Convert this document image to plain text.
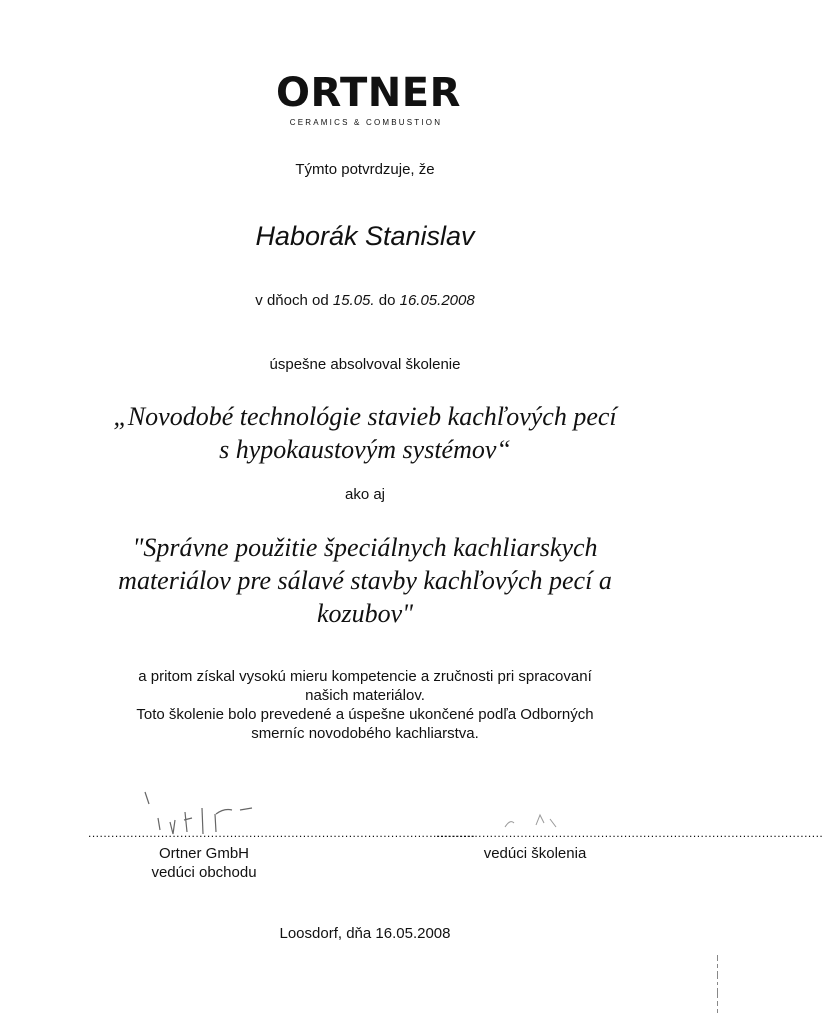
ORTNER
CERAMICS & COMBUSTION
Týmto potvrdzuje, že
Haborák Stanislav
v dňoch od 15.05. do 16.05.2008
úspešne absolvoval školenie
„Novodobé technológie stavieb kachľových pecí
s hypokaustovým systémov“
ako aj
"Správne použitie špeciálnych kachliarskych
materiálov pre sálavé stavby kachľových pecí a
kozubov"
a pritom získal vysokú mieru kompetencie a zručnosti pri spracovaní
našich materiálov.
Toto školenie bolo prevedené a úspešne ukončené podľa Odborných
smerníc novodobého kachliarstva.
.....................................................................................................
Ortner GmbH
vedúci obchodu
.....................................................................................................
vedúci školenia
Loosdorf, dňa 16.05.2008
